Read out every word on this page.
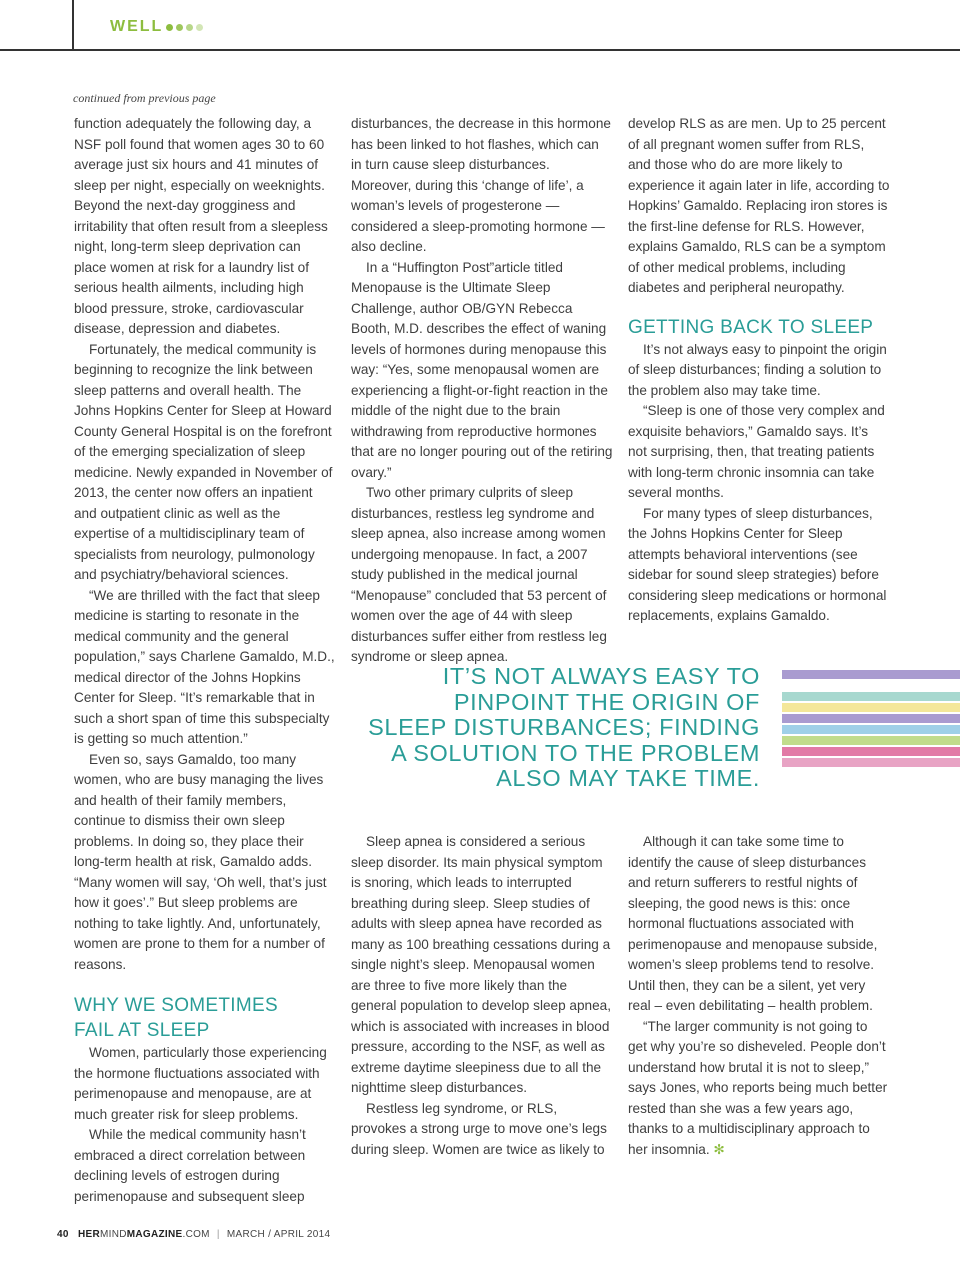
WELL
continued from previous page

function adequately the following day, a NSF poll found that women ages 30 to 60 average just six hours and 41 minutes of sleep per night, especially on weeknights. Beyond the next-day grogginess and irritability that often result from a sleepless night, long-term sleep deprivation can place women at risk for a laundry list of serious health ailments, including high blood pressure, stroke, cardiovascular disease, depression and diabetes.

Fortunately, the medical community is beginning to recognize the link between sleep patterns and overall health. The Johns Hopkins Center for Sleep at Howard County General Hospital is on the forefront of the emerging specialization of sleep medicine. Newly expanded in November of 2013, the center now offers an inpatient and outpatient clinic as well as the expertise of a multidisciplinary team of specialists from neurology, pulmonology and psychiatry/behavioral sciences.

“We are thrilled with the fact that sleep medicine is starting to resonate in the medical community and the general population,” says Charlene Gamaldo, M.D., medical director of the Johns Hopkins Center for Sleep. “It’s remarkable that in such a short span of time this subspecialty is getting so much attention.”

Even so, says Gamaldo, too many women, who are busy managing the lives and health of their family members, continue to dismiss their own sleep problems. In doing so, they place their long-term health at risk, Gamaldo adds. “Many women will say, ‘Oh well, that’s just how it goes’.” But sleep problems are nothing to take lightly. And, unfortunately, women are prone to them for a number of reasons.

WHY WE SOMETIMES
FAIL AT SLEEP

Women, particularly those experiencing the hormone fluctuations associated with perimenopause and menopause, are at much greater risk for sleep problems.

While the medical community hasn’t embraced a direct correlation between declining levels of estrogen during perimenopause and subsequent sleep

disturbances, the decrease in this hormone has been linked to hot flashes, which can in turn cause sleep disturbances. Moreover, during this ‘change of life’, a woman’s levels of progesterone — considered a sleep-promoting hormone — also decline.

In a “Huffington Post”article titled Menopause is the Ultimate Sleep Challenge, author OB/GYN Rebecca Booth, M.D. describes the effect of waning levels of hormones during menopause this way: “Yes, some menopausal women are experiencing a flight-or-fight reaction in the middle of the night due to the brain withdrawing from reproductive hormones that are no longer pouring out of the retiring ovary.”

Two other primary culprits of sleep disturbances, restless leg syndrome and sleep apnea, also increase among women undergoing menopause. In fact, a 2007 study published in the medical journal “Menopause” concluded that 53 percent of women over the age of 44 with sleep disturbances suffer either from restless leg syndrome or sleep apnea.

develop RLS as are men. Up to 25 percent of all pregnant women suffer from RLS, and those who do are more likely to experience it again later in life, according to Hopkins’ Gamaldo. Replacing iron stores is the first-line defense for RLS. However, explains Gamaldo, RLS can be a symptom of other medical problems, including diabetes and peripheral neuropathy.

GETTING BACK TO SLEEP

It’s not always easy to pinpoint the origin of sleep disturbances; finding a solution to the problem also may take time.

“Sleep is one of those very complex and exquisite behaviors,” Gamaldo says. It’s not surprising, then, that treating patients with long-term chronic insomnia can take several months.

For many types of sleep disturbances, the Johns Hopkins Center for Sleep attempts behavioral interventions (see sidebar for sound sleep strategies) before considering sleep medications or hormonal replacements, explains Gamaldo.

IT’S NOT ALWAYS EASY TO
PINPOINT THE ORIGIN OF
SLEEP DISTURBANCES; FINDING
A SOLUTION TO THE PROBLEM
ALSO MAY TAKE TIME.

Sleep apnea is considered a serious sleep disorder. Its main physical symptom is snoring, which leads to interrupted breathing during sleep. Sleep studies of adults with sleep apnea have recorded as many as 100 breathing cessations during a single night’s sleep. Menopausal women are three to five more likely than the general population to develop sleep apnea, which is associated with increases in blood pressure, according to the NSF, as well as extreme daytime sleepiness due to all the nighttime sleep disturbances.

Restless leg syndrome, or RLS, provokes a strong urge to move one’s legs during sleep. Women are twice as likely to

Although it can take some time to identify the cause of sleep disturbances and return sufferers to restful nights of sleeping, the good news is this: once hormonal fluctuations associated with perimenopause and menopause subside, women’s sleep problems tend to resolve. Until then, they can be a silent, yet very real – even debilitating – health problem.

“The larger community is not going to get why you’re so disheveled. People don’t understand how brutal it is not to sleep,” says Jones, who reports being much better rested than she was a few years ago, thanks to a multidisciplinary approach to her insomnia. ✻

40 HERMINDMAGAZINE.COM | MARCH / APRIL 2014
